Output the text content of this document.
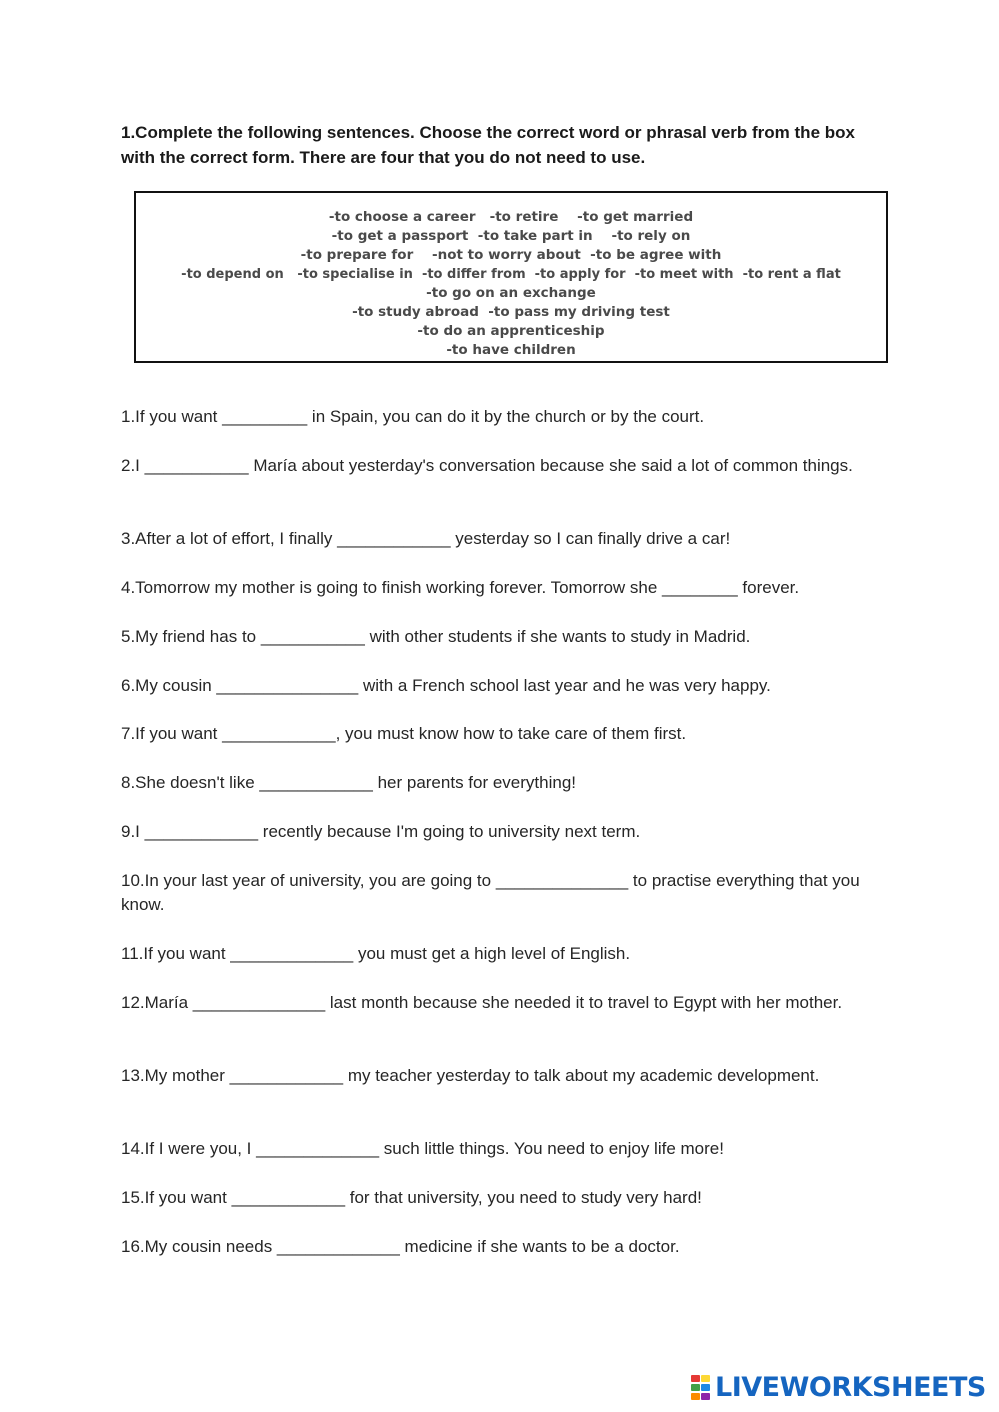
1.Complete the following sentences. Choose the correct word or phrasal verb from the box with the correct form. There are four that you do not need to use.
-to choose a career   -to retire    -to get married
-to get a passport  -to take part in    -to rely on
-to prepare for    -not to worry about  -to be agree with
-to depend on   -to specialise in  -to differ from  -to apply for  -to meet with  -to rent a flat
-to go on an exchange
-to study abroad  -to pass my driving test
-to do an apprenticeship
-to have children
1.If you want _________ in Spain, you can do it by the church or by the court.
2.I ___________ María about yesterday's conversation because she said a lot of common things.
3.After a lot of effort, I finally ____________ yesterday so I can finally drive a car!
4.Tomorrow my mother is going to finish working forever. Tomorrow she ________ forever.
5.My friend has to ___________ with other students if she wants to study in Madrid.
6.My cousin _______________ with a French school last year and he was very happy.
7.If you want ____________, you must know how to take care of them first.
8.She doesn't like ____________ her parents for everything!
9.I ____________ recently because I'm going to university next term.
10.In your last year of university, you are going to ______________ to practise everything that you know.
11.If you want _____________ you must get a high level of English.
12.María ______________ last month because she needed it to travel to Egypt with her mother.
13.My mother ____________ my teacher yesterday to talk about my academic development.
14.If I were you, I _____________ such little things. You need to enjoy life more!
15.If you want ____________ for that university, you need to study very hard!
16.My cousin needs _____________ medicine if she wants to be a doctor.
LIVEWORKSHEETS
